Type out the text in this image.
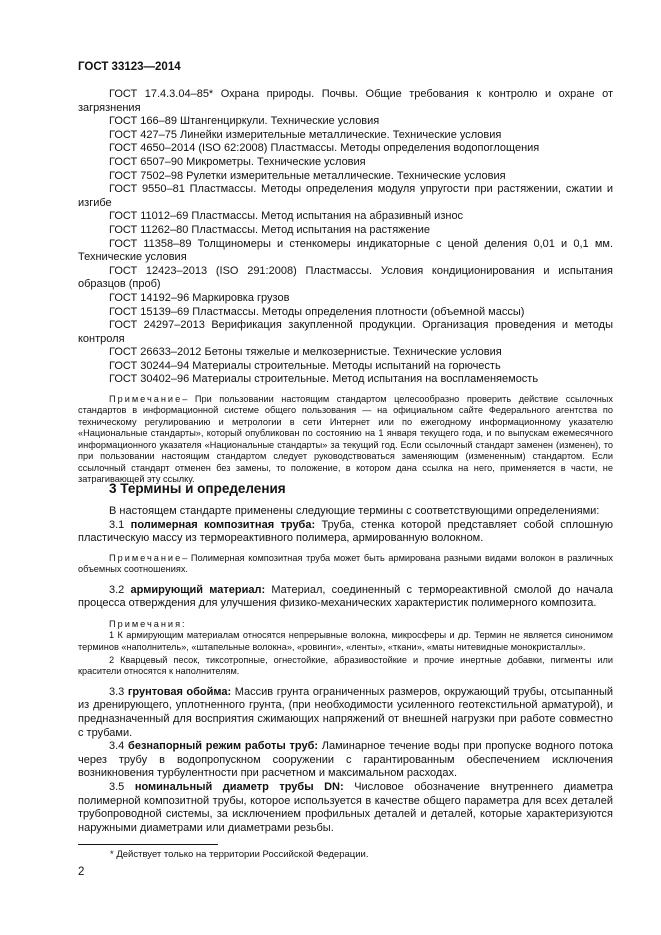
ГОСТ 33123—2014

ГОСТ 17.4.3.04–85* Охрана природы. Почвы. Общие требования к контролю и охране от загрязнения

ГОСТ 166–89 Штангенциркули. Технические условия

ГОСТ 427–75 Линейки измерительные металлические. Технические условия

ГОСТ 4650–2014 (ISO 62:2008) Пластмассы. Методы определения водопоглощения

ГОСТ 6507–90 Микрометры. Технические условия

ГОСТ 7502–98 Рулетки измерительные металлические. Технические условия

ГОСТ 9550–81 Пластмассы. Методы определения модуля упругости при растяжении, сжатии и изгибе

ГОСТ 11012–69 Пластмассы. Метод испытания на абразивный износ

ГОСТ 11262–80 Пластмассы. Метод испытания на растяжение

ГОСТ 11358–89 Толщиномеры и стенкомеры индикаторные с ценой деления 0,01 и 0,1 мм. Технические условия

ГОСТ 12423–2013 (ISO 291:2008) Пластмассы. Условия кондиционирования и испытания образцов (проб)

ГОСТ 14192–96 Маркировка грузов

ГОСТ 15139–69 Пластмассы. Методы определения плотности (объемной массы)

ГОСТ 24297–2013 Верификация закупленной продукции. Организация проведения и методы контроля

ГОСТ 26633–2012 Бетоны тяжелые и мелкозернистые. Технические условия

ГОСТ 30244–94 Материалы строительные. Методы испытаний на горючесть

ГОСТ 30402–96 Материалы строительные. Метод испытания на воспламеняемость

Примечание– При пользовании настоящим стандартом целесообразно проверить действие ссылочных стандартов в информационной системе общего пользования — на официальном сайте Федерального агентства по техническому регулированию и метрологии в сети Интернет или по ежегодному информационному указателю «Национальные стандарты», который опубликован по состоянию на 1 января текущего года, и по выпускам ежемесячного информационного указателя «Национальные стандарты» за текущий год. Если ссылочный стандарт заменен (изменен), то при пользовании настоящим стандартом следует руководствоваться заменяющим (измененным) стандартом. Если ссылочный стандарт отменен без замены, то положение, в котором дана ссылка на него, применяется в части, не затрагивающей эту ссылку.

3 Термины и определения

В настоящем стандарте применены следующие термины с соответствующими определениями:

3.1 полимерная композитная труба: Труба, стенка которой представляет собой сплошную пластическую массу из термореактивного полимера, армированную волокном.

Примечание– Полимерная композитная труба может быть армирована разными видами волокон в различных объемных соотношениях.

3.2 армирующий материал: Материал, соединенный с термореактивной смолой до начала процесса отверждения для улучшения физико-механических характеристик полимерного композита.

Примечания:

1 К армирующим материалам относятся непрерывные волокна, микросферы и др. Термин не является синонимом терминов «наполнитель», «штапельные волокна», «ровинги», «ленты», «ткани», «маты нитевидные монокристаллы».

2 Кварцевый песок, тиксотропные, огнестойкие, абразивостойкие и прочие инертные добавки, пигменты или красители относятся к наполнителям.

3.3 грунтовая обойма: Массив грунта ограниченных размеров, окружающий трубы, отсыпанный из дренирующего, уплотненного грунта, (при необходимости усиленного геотекстильной арматурой), и предназначенный для восприятия сжимающих напряжений от внешней нагрузки при работе совместно с трубами.

3.4 безнапорный режим работы труб: Ламинарное течение воды при пропуске водного потока через трубу в водопропускном сооружении с гарантированным обеспечением исключения возникновения турбулентности при расчетном и максимальном расходах.

3.5 номинальный диаметр трубы DN: Числовое обозначение внутреннего диаметра полимерной композитной трубы, которое используется в качестве общего параметра для всех деталей трубопроводной системы, за исключением профильных деталей и деталей, которые характеризуются наружными диаметрами или диаметрами резьбы.

* Действует только на территории Российской Федерации.
2
